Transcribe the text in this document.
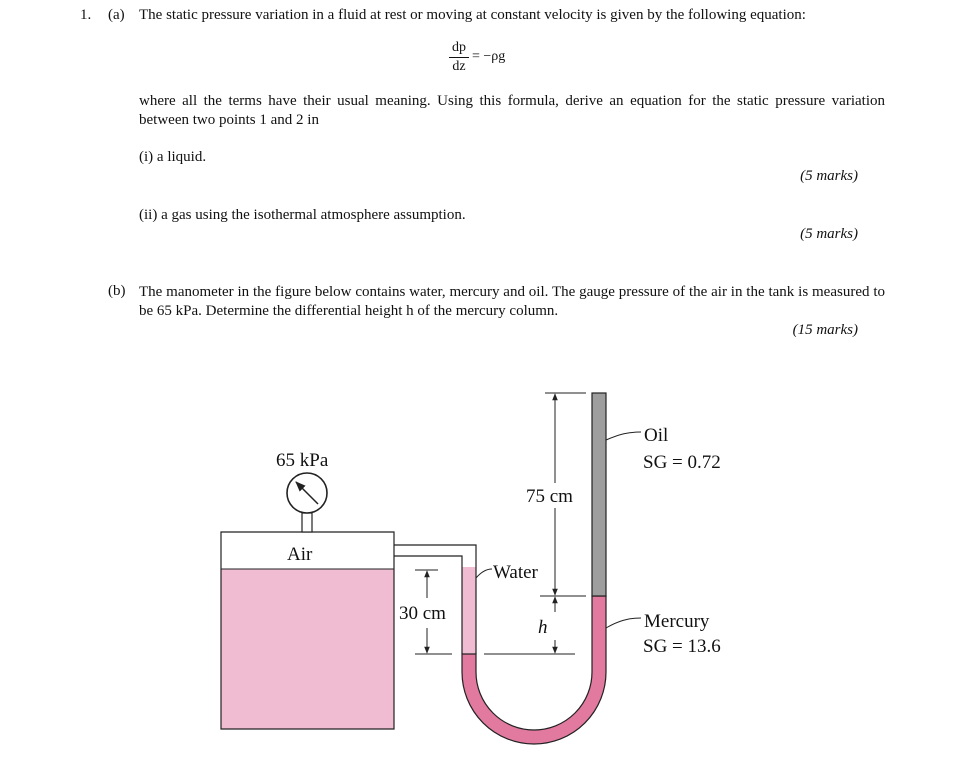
1. (a) The static pressure variation in a fluid at rest or moving at constant velocity is given by the following equation:
dp
dz
= −ρg
where all the terms have their usual meaning. Using this formula, derive an equation for the static pressure variation between two points 1 and 2 in
(i) a liquid.
(5 marks)
(ii) a gas using the isothermal atmosphere assumption.
(5 marks)
(b) The manometer in the figure below contains water, mercury and oil. The gauge pressure of the air in the tank is measured to be 65 kPa. Determine the differential height h of the mercury column.
(15 marks)
65 kPa
Air
Water
30 cm
75 cm
h
Oil
SG = 0.72
Mercury
SG = 13.6
